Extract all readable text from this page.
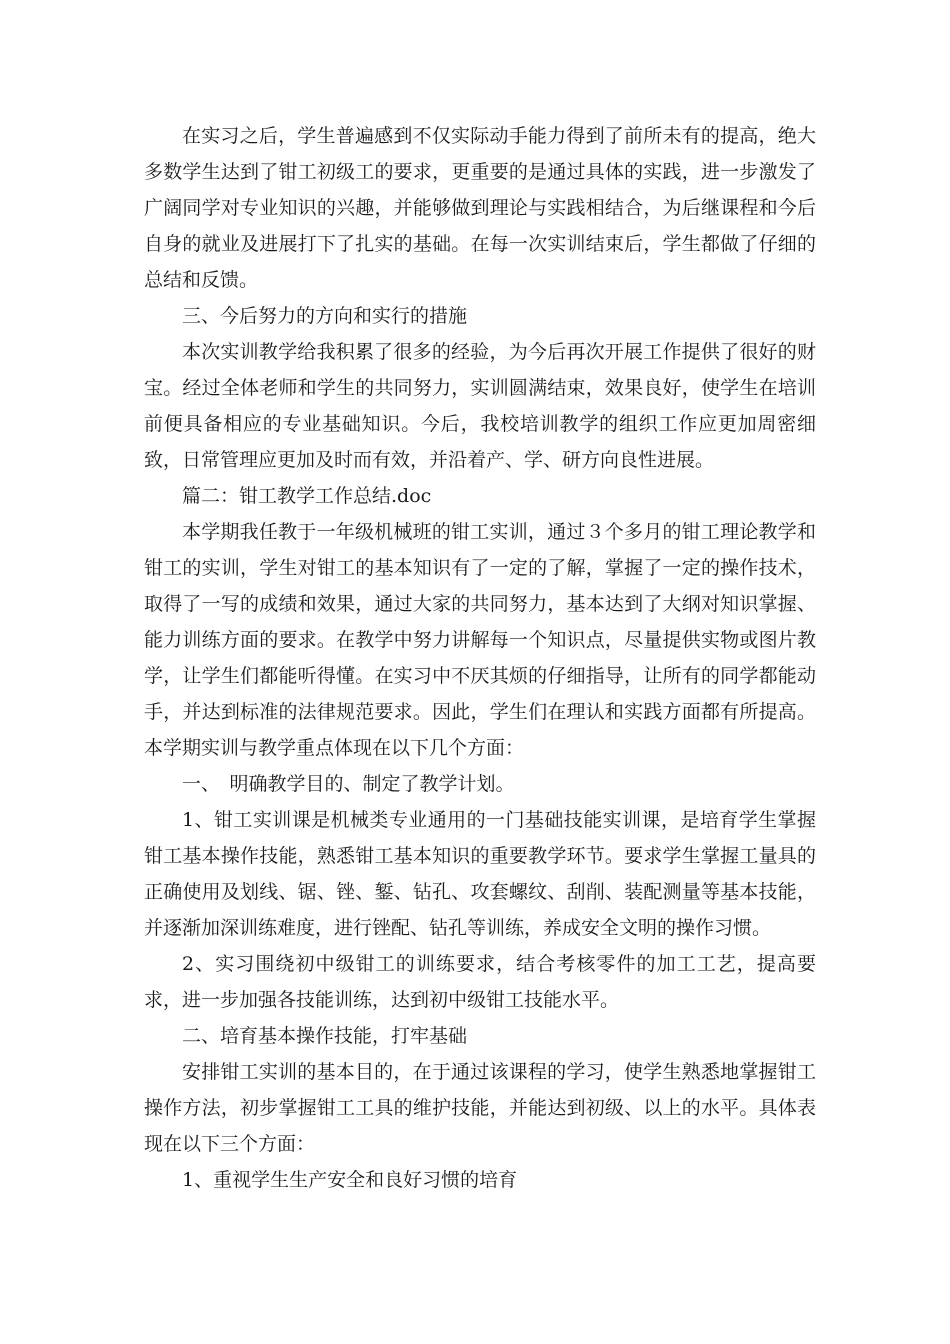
在实习之后，学生普遍感到不仅实际动手能力得到了前所未有的提高，绝大多数学生达到了钳工初级工的要求，更重要的是通过具体的实践，进一步激发了广阔同学对专业知识的兴趣，并能够做到理论与实践相结合，为后继课程和今后自身的就业及进展打下了扎实的基础。在每一次实训结束后，学生都做了仔细的总结和反馈。

三、今后努力的方向和实行的措施

本次实训教学给我积累了很多的经验，为今后再次开展工作提供了很好的财宝。经过全体老师和学生的共同努力，实训圆满结束，效果良好，使学生在培训前便具备相应的专业基础知识。今后，我校培训教学的组织工作应更加周密细致，日常管理应更加及时而有效，并沿着产、学、研方向良性进展。

篇二：钳工教学工作总结.doc

本学期我任教于一年级机械班的钳工实训，通过３个多月的钳工理论教学和钳工的实训，学生对钳工的基本知识有了一定的了解，掌握了一定的操作技术，取得了一写的成绩和效果，通过大家的共同努力，基本达到了大纲对知识掌握、能力训练方面的要求。在教学中努力讲解每一个知识点，尽量提供实物或图片教学，让学生们都能听得懂。在实习中不厌其烦的仔细指导，让所有的同学都能动手，并达到标准的法律规范要求。因此，学生们在理认和实践方面都有所提高。本学期实训与教学重点体现在以下几个方面：

一、　明确教学目的、制定了教学计划。

1、钳工实训课是机械类专业通用的一门基础技能实训课，是培育学生掌握钳工基本操作技能，熟悉钳工基本知识的重要教学环节。要求学生掌握工量具的正确使用及划线、锯、锉、錾、钻孔、攻套螺纹、刮削、装配测量等基本技能，并逐渐加深训练难度，进行锉配、钻孔等训练，养成安全文明的操作习惯。

2、实习围绕初中级钳工的训练要求，结合考核零件的加工工艺，提高要求，进一步加强各技能训练，达到初中级钳工技能水平。

二、培育基本操作技能，打牢基础

安排钳工实训的基本目的，在于通过该课程的学习，使学生熟悉地掌握钳工操作方法，初步掌握钳工工具的维护技能，并能达到初级、以上的水平。具体表现在以下三个方面：

1、重视学生生产安全和良好习惯的培育
